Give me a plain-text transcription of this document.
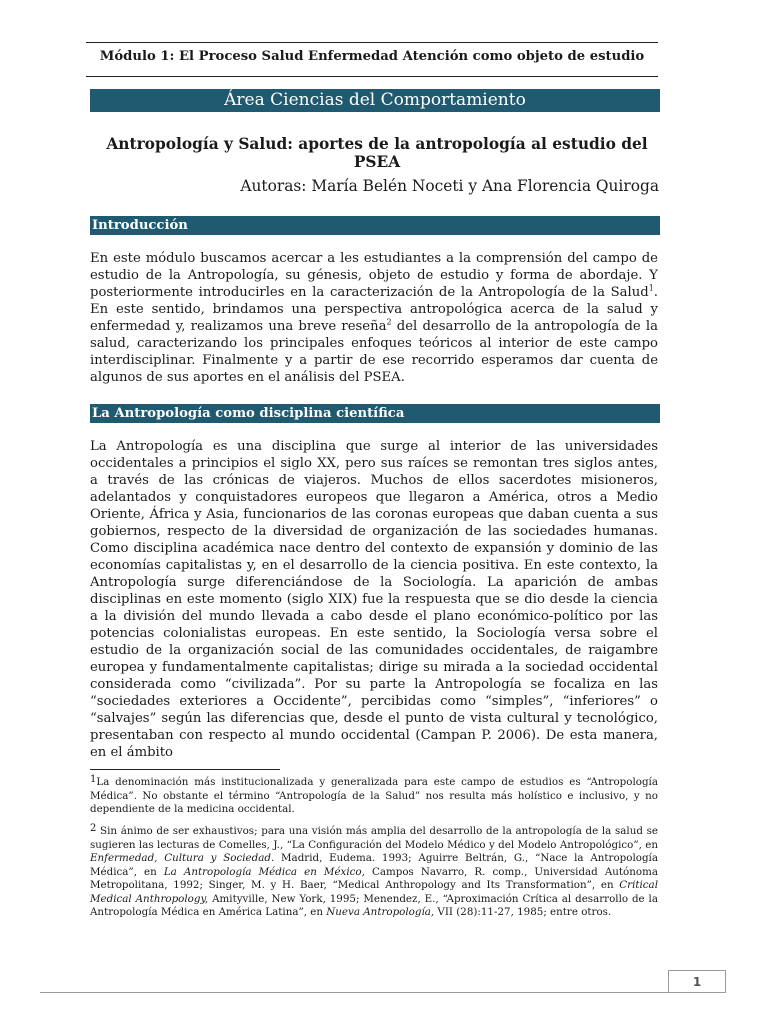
Módulo 1: El Proceso Salud Enfermedad Atención como objeto de estudio
Área Ciencias del Comportamiento
Antropología y Salud: aportes de la antropología al estudio del PSEA
Autoras: María Belén Noceti y Ana Florencia Quiroga
Introducción
En este módulo buscamos acercar a les estudiantes a la comprensión del campo de estudio de la Antropología, su génesis, objeto de estudio y forma de abordaje. Y posteriormente introducirles en la caracterización de la Antropología de la Salud$^1$. En este sentido, brindamos una perspectiva antropológica acerca de la salud y enfermedad y, realizamos una breve reseña$^2$ del desarrollo de la antropología de la salud, caracterizando los principales enfoques teóricos al interior de este campo interdisciplinar. Finalmente y a partir de ese recorrido esperamos dar cuenta de algunos de sus aportes en el análisis del PSEA.
La Antropología como disciplina científica
La Antropología es una disciplina que surge al interior de las universidades occidentales a principios el siglo XX, pero sus raíces se remontan tres siglos antes, a través de las crónicas de viajeros. Muchos de ellos sacerdotes misioneros, adelantados y conquistadores europeos que llegaron a América, otros a Medio Oriente, África y Asia, funcionarios de las coronas europeas que daban cuenta a sus gobiernos, respecto de la diversidad de organización de las sociedades humanas. Como disciplina académica nace dentro del contexto de expansión y dominio de las economías capitalistas y, en el desarrollo de la ciencia positiva. En este contexto, la Antropología surge diferenciándose de la Sociología. La aparición de ambas disciplinas en este momento (siglo XIX) fue la respuesta que se dio desde la ciencia a la división del mundo llevada a cabo desde el plano económico-político por las potencias colonialistas europeas. En este sentido, la Sociología versa sobre el estudio de la organización social de las comunidades occidentales, de raigambre europea y fundamentalmente capitalistas; dirige su mirada a la sociedad occidental considerada como “civilizada”. Por su parte la Antropología se focaliza en las “sociedades exteriores a Occidente”, percibidas como “simples”, “inferiores” o “salvajes” según las diferencias que, desde el punto de vista cultural y tecnológico, presentaban con respecto al mundo occidental (Campan P. 2006). De esta manera, en el ámbito
1La denominación más institucionalizada y generalizada para este campo de estudios es “Antropología Médica”. No obstante el término “Antropología de la Salud” nos resulta más holístico e inclusivo, y no dependiente de la medicina occidental.
2 Sin ánimo de ser exhaustivos; para una visión más amplia del desarrollo de la antropología de la salud se sugieren las lecturas de Comelles, J., “La Configuración del Modelo Médico y del Modelo Antropológico”, en Enfermedad, Cultura y Sociedad. Madrid, Eudema. 1993; Aguirre Beltrán, G., “Nace la Antropología Médica”, en La Antropología Médica en México, Campos Navarro, R. comp., Universidad Autónoma Metropolitana, 1992; Singer, M. y H. Baer, “Medical Anthropology and Its Transformation”, en Critical Medical Anthropology, Amityville, New York, 1995; Menendez, E., “Aproximación Crítica al desarrollo de la Antropología Médica en América Latina”, en Nueva Antropología, VII (28):11-27, 1985; entre otros.
1
